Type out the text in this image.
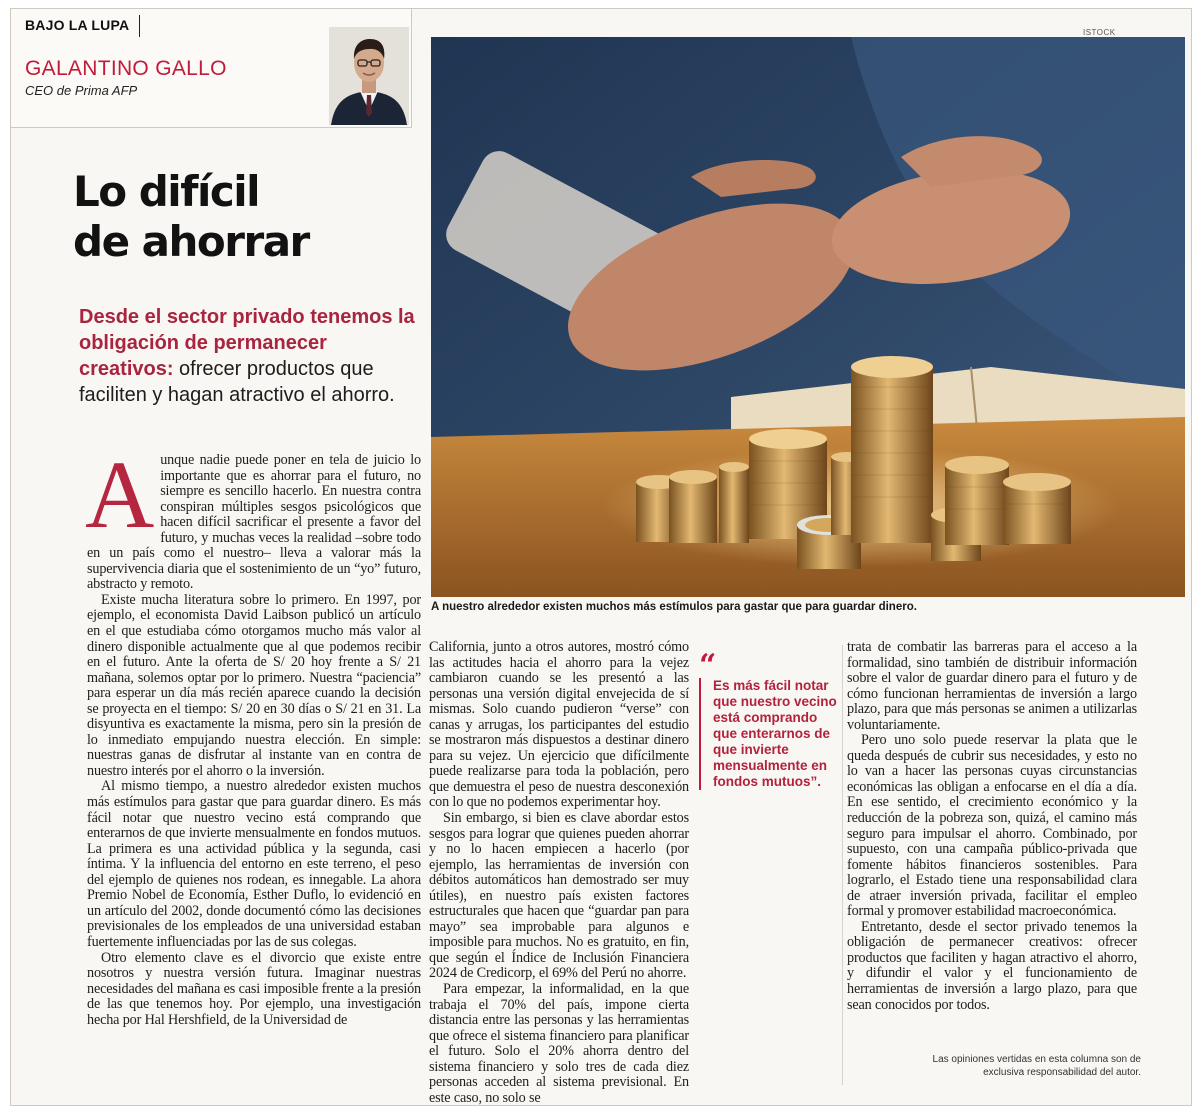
BAJO LA LUPA
GALANTINO GALLO
CEO de Prima AFP
Lo difícil
de ahorrar

Desde el sector privado tenemos la obligación de permanecer creativos: ofrecer productos que faciliten y hagan atractivo el ahorro.

ISTOCK
A nuestro alrededor existen muchos más estímulos para gastar que para guardar dinero.

Aunque nadie puede poner en tela de juicio lo importante que es ahorrar para el futuro, no siempre es sencillo hacerlo. En nuestra contra conspiran múltiples sesgos psicológicos que hacen difícil sacrificar el presente a favor del futuro, y muchas veces la realidad –sobre todo en un país como el nuestro– lleva a valorar más la supervivencia diaria que el sostenimiento de un “yo” futuro, abstracto y remoto.

Existe mucha literatura sobre lo primero. En 1997, por ejemplo, el economista David Laibson publicó un artículo en el que estudiaba cómo otorgamos mucho más valor al dinero disponible actualmente que al que podemos recibir en el futuro. Ante la oferta de S/ 20 hoy frente a S/ 21 mañana, solemos optar por lo primero. Nuestra “paciencia” para esperar un día más recién aparece cuando la decisión se proyecta en el tiempo: S/ 20 en 30 días o S/ 21 en 31. La disyuntiva es exactamente la misma, pero sin la presión de lo inmediato empujando nuestra elección. En simple: nuestras ganas de disfrutar al instante van en contra de nuestro interés por el ahorro o la inversión.

Al mismo tiempo, a nuestro alrededor existen muchos más estímulos para gastar que para guardar dinero. Es más fácil notar que nuestro vecino está comprando que enterarnos de que invierte mensualmente en fondos mutuos. La primera es una actividad pública y la segunda, casi íntima. Y la influencia del entorno en este terreno, el peso del ejemplo de quienes nos rodean, es innegable. La ahora Premio Nobel de Economía, Esther Duflo, lo evidenció en un artículo del 2002, donde documentó cómo las decisiones previsionales de los empleados de una universidad estaban fuertemente influenciadas por las de sus colegas.

Otro elemento clave es el divorcio que existe entre nosotros y nuestra versión futura. Imaginar nuestras necesidades del mañana es casi imposible frente a la presión de las que tenemos hoy. Por ejemplo, una investigación hecha por Hal Hershfield, de la Universidad de

California, junto a otros autores, mostró cómo las actitudes hacia el ahorro para la vejez cambiaron cuando se les presentó a las personas una versión digital envejecida de sí mismas. Solo cuando pudieron “verse” con canas y arrugas, los participantes del estudio se mostraron más dispuestos a destinar dinero para su vejez. Un ejercicio que difícilmente puede realizarse para toda la población, pero que demuestra el peso de nuestra desconexión con lo que no podemos experimentar hoy.

Sin embargo, si bien es clave abordar estos sesgos para lograr que quienes pueden ahorrar y no lo hacen empiecen a hacerlo (por ejemplo, las herramientas de inversión con débitos automáticos han demostrado ser muy útiles), en nuestro país existen factores estructurales que hacen que “guardar pan para mayo” sea improbable para algunos e imposible para muchos. No es gratuito, en fin, que según el Índice de Inclusión Financiera 2024 de Credicorp, el 69% del Perú no ahorre.

Para empezar, la informalidad, en la que trabaja el 70% del país, impone cierta distancia entre las personas y las herramientas que ofrece el sistema financiero para planificar el futuro. Solo el 20% ahorra dentro del sistema financiero y solo tres de cada diez personas acceden al sistema previsional. En este caso, no solo se

“
Es más fácil notar que nuestro vecino está comprando que enterarnos de que invierte mensualmente en fondos mutuos”.

trata de combatir las barreras para el acceso a la formalidad, sino también de distribuir información sobre el valor de guardar dinero para el futuro y de cómo funcionan herramientas de inversión a largo plazo, para que más personas se animen a utilizarlas voluntariamente.

Pero uno solo puede reservar la plata que le queda después de cubrir sus necesidades, y esto no lo van a hacer las personas cuyas circunstancias económicas las obligan a enfocarse en el día a día. En ese sentido, el crecimiento económico y la reducción de la pobreza son, quizá, el camino más seguro para impulsar el ahorro. Combinado, por supuesto, con una campaña público-privada que fomente hábitos financieros sostenibles. Para lograrlo, el Estado tiene una responsabilidad clara de atraer inversión privada, facilitar el empleo formal y promover estabilidad macroeconómica.

Entretanto, desde el sector privado tenemos la obligación de permanecer creativos: ofrecer productos que faciliten y hagan atractivo el ahorro, y difundir el valor y el funcionamiento de herramientas de inversión a largo plazo, para que sean conocidos por todos.

Las opiniones vertidas en esta columna son de exclusiva responsabilidad del autor.
